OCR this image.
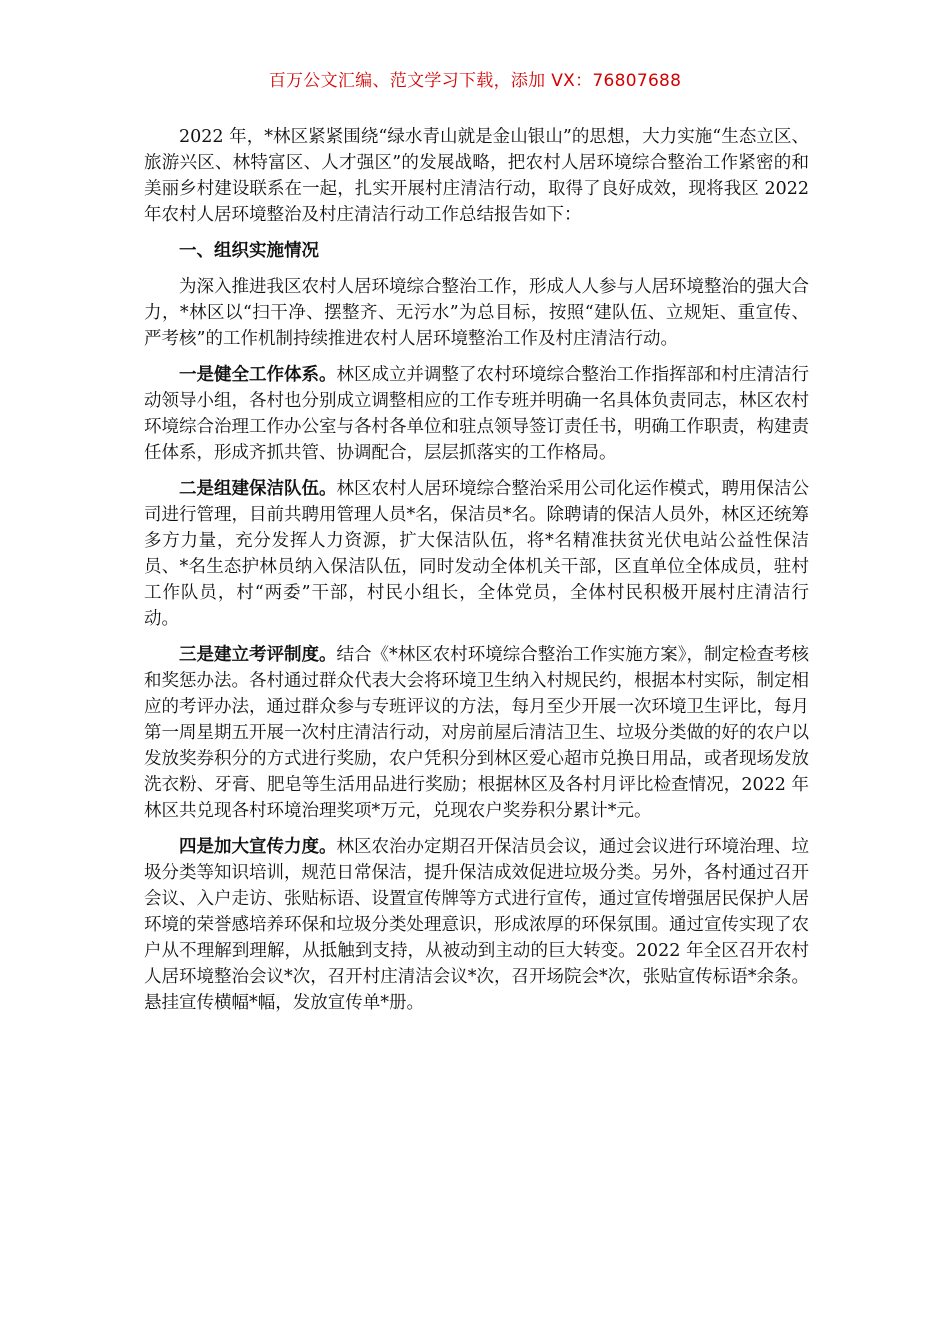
百万公文汇编、范文学习下载，添加 VX：76807688

2022 年，*林区紧紧围绕“绿水青山就是金山银山”的思想，大力实施“生态立区、旅游兴区、林特富区、人才强区”的发展战略，把农村人居环境综合整治工作紧密的和美丽乡村建设联系在一起，扎实开展村庄清洁行动，取得了良好成效，现将我区 2022 年农村人居环境整治及村庄清洁行动工作总结报告如下：

一、组织实施情况

为深入推进我区农村人居环境综合整治工作，形成人人参与人居环境整治的强大合力，*林区以“扫干净、摆整齐、无污水”为总目标，按照“建队伍、立规矩、重宣传、严考核”的工作机制持续推进农村人居环境整治工作及村庄清洁行动。

一是健全工作体系。林区成立并调整了农村环境综合整治工作指挥部和村庄清洁行动领导小组，各村也分别成立调整相应的工作专班并明确一名具体负责同志，林区农村环境综合治理工作办公室与各村各单位和驻点领导签订责任书，明确工作职责，构建责任体系，形成齐抓共管、协调配合，层层抓落实的工作格局。

二是组建保洁队伍。林区农村人居环境综合整治采用公司化运作模式，聘用保洁公司进行管理，目前共聘用管理人员*名，保洁员*名。除聘请的保洁人员外，林区还统筹多方力量，充分发挥人力资源，扩大保洁队伍，将*名精准扶贫光伏电站公益性保洁员、*名生态护林员纳入保洁队伍，同时发动全体机关干部，区直单位全体成员，驻村工作队员，村“两委”干部，村民小组长，全体党员，全体村民积极开展村庄清洁行动。

三是建立考评制度。结合《*林区农村环境综合整治工作实施方案》，制定检查考核和奖惩办法。各村通过群众代表大会将环境卫生纳入村规民约，根据本村实际，制定相应的考评办法，通过群众参与专班评议的方法，每月至少开展一次环境卫生评比，每月第一周星期五开展一次村庄清洁行动，对房前屋后清洁卫生、垃圾分类做的好的农户以发放奖券积分的方式进行奖励，农户凭积分到林区爱心超市兑换日用品，或者现场发放洗衣粉、牙膏、肥皂等生活用品进行奖励；根据林区及各村月评比检查情况，2022 年林区共兑现各村环境治理奖项*万元，兑现农户奖券积分累计*元。

四是加大宣传力度。林区农治办定期召开保洁员会议，通过会议进行环境治理、垃圾分类等知识培训，规范日常保洁，提升保洁成效促进垃圾分类。另外，各村通过召开会议、入户走访、张贴标语、设置宣传牌等方式进行宣传，通过宣传增强居民保护人居环境的荣誉感培养环保和垃圾分类处理意识，形成浓厚的环保氛围。通过宣传实现了农户从不理解到理解，从抵触到支持，从被动到主动的巨大转变。2022 年全区召开农村人居环境整治会议*次，召开村庄清洁会议*次，召开场院会*次，张贴宣传标语*余条。悬挂宣传横幅*幅，发放宣传单*册。
